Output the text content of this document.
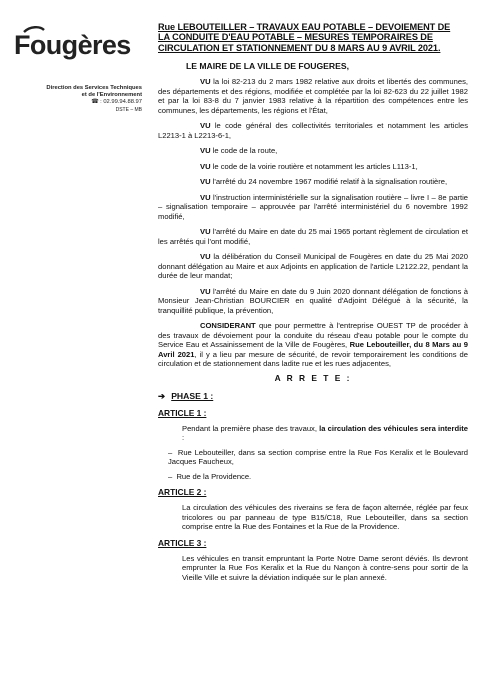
Fougères
Direction des Services Techniques
et de l'Environnement
☎ : 02.99.94.88.97
DSTE – MB
Rue LEBOUTEILLER – TRAVAUX EAU POTABLE – DEVOIEMENT DE
LA CONDUITE D'EAU POTABLE – MESURES TEMPORAIRES DE
CIRCULATION ET STATIONNEMENT DU 8 MARS AU 9 AVRIL 2021.
LE MAIRE DE LA VILLE DE FOUGERES,

VU la loi 82-213 du 2 mars 1982 relative aux droits et libertés des communes, des départements et des régions, modifiée et complétée par la loi 82-623 du 22 juillet 1982 et par la loi 83-8 du 7 janvier 1983 relative à la répartition des compétences entre les communes, les départements, les régions et l'État,

VU le code général des collectivités territoriales et notamment les articles L2213-1 à L2213-6-1,

VU le code de la route,

VU le code de la voirie routière et notamment les articles L113-1,

VU l'arrêté du 24 novembre 1967 modifié relatif à la signalisation routière,

VU l'instruction interministérielle sur la signalisation routière – livre I – 8e partie – signalisation temporaire – approuvée par l'arrêté interministériel du 6 novembre 1992 modifié,

VU l'arrêté du Maire en date du 25 mai 1965 portant règlement de circulation et les arrêtés qui l'ont modifié,

VU la délibération du Conseil Municipal de Fougères en date du 25 Mai 2020 donnant délégation au Maire et aux Adjoints en application de l'article L2122.22, pendant la durée de leur mandat;

VU l'arrêté du Maire en date du 9 Juin 2020 donnant délégation de fonctions à Monsieur Jean-Christian BOURCIER en qualité d'Adjoint Délégué à la sécurité, la tranquillité publique, la prévention,

CONSIDERANT que pour permettre à l'entreprise OUEST TP de procéder à des travaux de dévoiement pour la conduite du réseau d'eau potable pour le compte du Service Eau et Assainissement de la Ville de Fougères, Rue Lebouteiller, du 8 Mars au 9 Avril 2021, il y a lieu par mesure de sécurité, de revoir temporairement les conditions de circulation et de stationnement dans ladite rue et les rues adjacentes,

A R R E T E :
➔ PHASE 1 :
ARTICLE 1 :

Pendant la première phase des travaux, la circulation des véhicules sera interdite :

–  Rue Lebouteiller, dans sa section comprise entre la Rue Fos Keralix et le Boulevard Jacques Faucheux,

–  Rue de la Providence.

ARTICLE 2 :

La circulation des véhicules des riverains se fera de façon alternée, réglée par feux tricolores ou par panneau de type B15/C18, Rue Lebouteiller, dans sa section comprise entre la Rue des Fontaines et la Rue de la Providence.

ARTICLE 3 :

Les véhicules en transit empruntant la Porte Notre Dame seront déviés. Ils devront emprunter la Rue Fos Keralix et la Rue du Nançon à contre-sens pour sortir de la Vieille Ville et suivre la déviation indiquée sur le plan annexé.
